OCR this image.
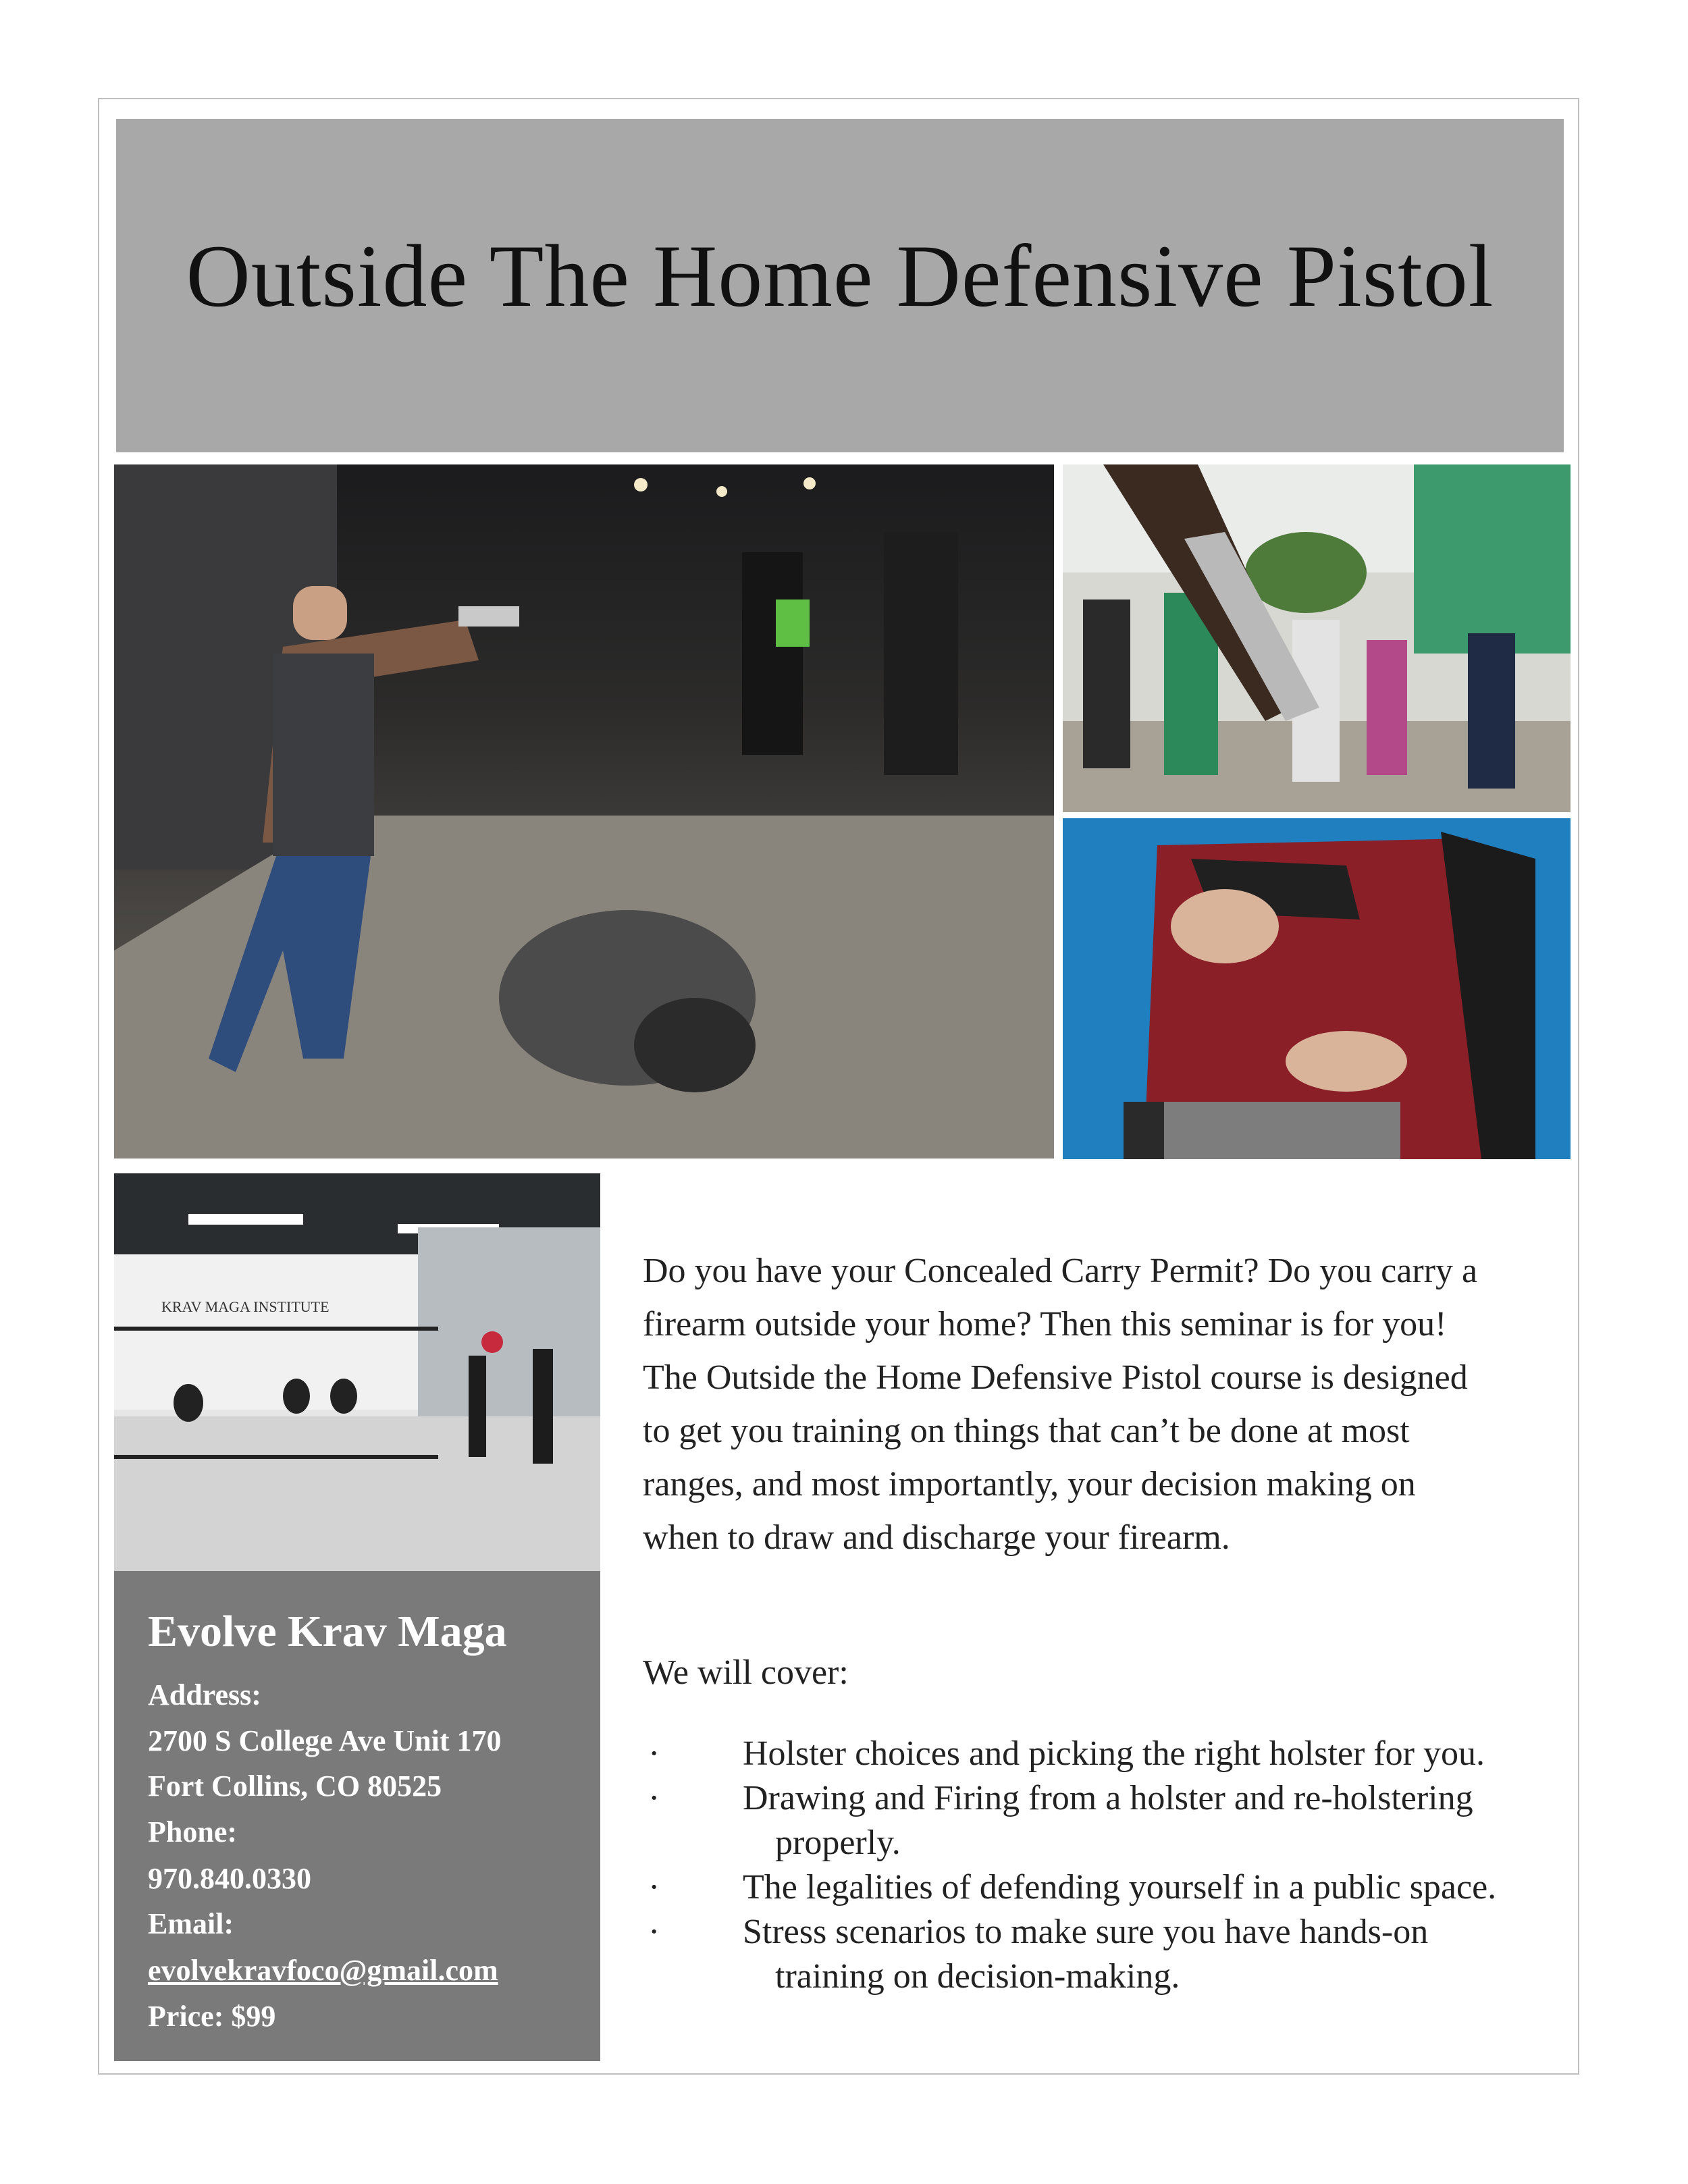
Outside The Home Defensive Pistol
KRAV MAGA INSTITUTE
Evolve Krav Maga
Address:
2700 S College Ave Unit 170
Fort Collins, CO 80525
Phone:
970.840.0330
Email:
evolvekravfoco@gmail.com
Price: $99
Do you have your Concealed Carry Permit? Do you carry a
firearm outside your home? Then this seminar is for you!
The Outside the Home Defensive Pistol course is designed
to get you training on things that can’t be done at most
ranges, and most importantly, your decision making on
when to draw and discharge your firearm.
We will cover:
· Holster choices and picking the right holster for you.
· Drawing and Firing from a holster and re-holstering
properly.
· The legalities of defending yourself in a public space.
· Stress scenarios to make sure you have hands-on
training on decision-making.
